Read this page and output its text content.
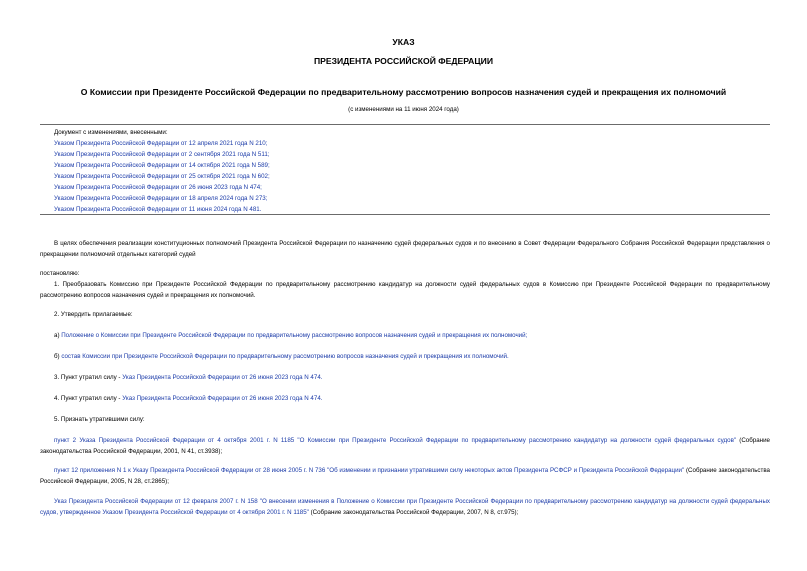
УКАЗ
ПРЕЗИДЕНТА РОССИЙСКОЙ ФЕДЕРАЦИИ
О Комиссии при Президенте Российской Федерации по предварительному рассмотрению вопросов назначения судей и прекращения их полномочий
(с изменениями на 11 июня 2024 года)
Документ с изменениями, внесенными:
Указом Президента Российской Федерации от 12 апреля 2021 года N 210;
Указом Президента Российской Федерации от 2 сентября 2021 года N 511;
Указом Президента Российской Федерации от 14 октября 2021 года N 589;
Указом Президента Российской Федерации от 25 октября 2021 года N 602;
Указом Президента Российской Федерации от 26 июня 2023 года N 474;
Указом Президента Российской Федерации от 18 апреля 2024 года N 273;
Указом Президента Российской Федерации от 11 июня 2024 года N 481.

В целях обеспечения реализации конституционных полномочий Президента Российской Федерации по назначению судей федеральных судов и по внесению в Совет Федерации Федерального Собрания Российской Федерации представления о прекращении полномочий отдельных категорий судей

постановляю:

1. Преобразовать Комиссию при Президенте Российской Федерации по предварительному рассмотрению кандидатур на должности судей федеральных судов в Комиссию при Президенте Российской Федерации по предварительному рассмотрению вопросов назначения судей и прекращения их полномочий.

2. Утвердить прилагаемые:

а) Положение о Комиссии при Президенте Российской Федерации по предварительному рассмотрению вопросов назначения судей и прекращения их полномочий;

б) состав Комиссии при Президенте Российской Федерации по предварительному рассмотрению вопросов назначения судей и прекращения их полномочий.

3. Пункт утратил силу - Указ Президента Российской Федерации от 26 июня 2023 года N 474.

4. Пункт утратил силу - Указ Президента Российской Федерации от 26 июня 2023 года N 474.

5. Признать утратившими силу:

пункт 2 Указа Президента Российской Федерации от 4 октября 2001 г. N 1185 "О Комиссии при Президенте Российской Федерации по предварительному рассмотрению кандидатур на должности судей федеральных судов" (Собрание законодательства Российской Федерации, 2001, N 41, ст.3938);

пункт 12 приложения N 1 к Указу Президента Российской Федерации от 28 июня 2005 г. N 736 "Об изменении и признании утратившими силу некоторых актов Президента РСФСР и Президента Российской Федерации" (Собрание законодательства Российской Федерации, 2005, N 28, ст.2865);

Указ Президента Российской Федерации от 12 февраля 2007 г. N 158 "О внесении изменения в Положение о Комиссии при Президенте Российской Федерации по предварительному рассмотрению кандидатур на должности судей федеральных судов, утвержденное Указом Президента Российской Федерации от 4 октября 2001 г. N 1185" (Собрание законодательства Российской Федерации, 2007, N 8, ст.975);
